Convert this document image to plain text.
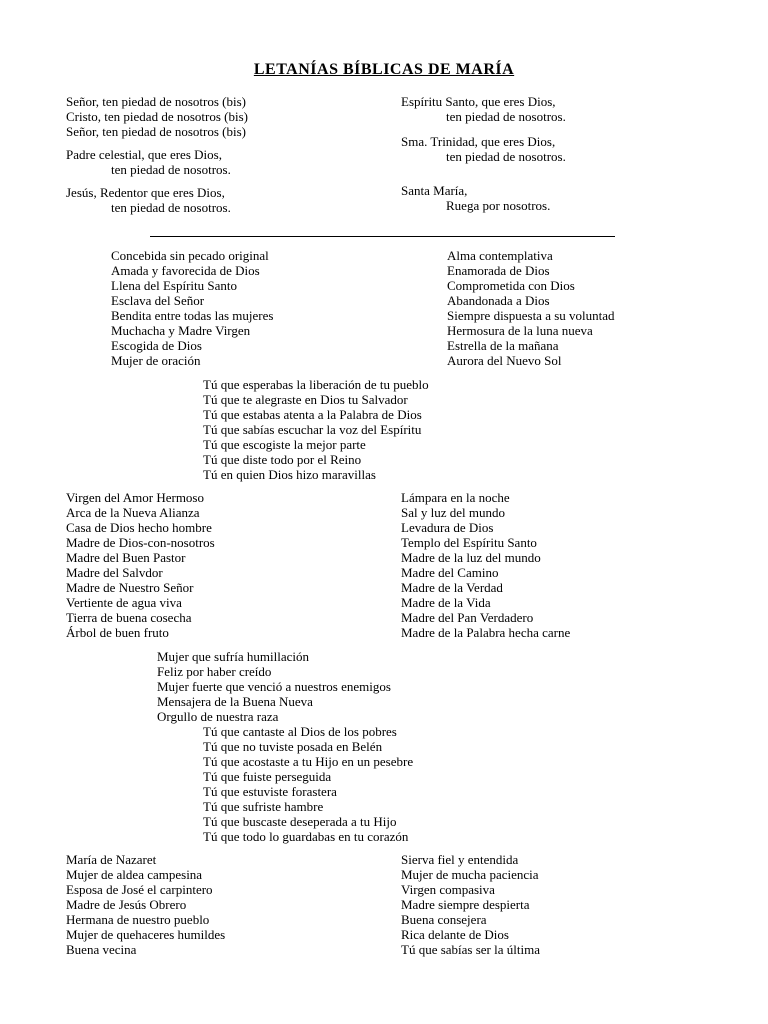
LETANÍAS BÍBLICAS DE MARÍA
Señor, ten piedad de nosotros (bis)
Cristo, ten piedad de nosotros (bis)
Señor, ten piedad de nosotros (bis)
Padre celestial, que eres Dios,
ten piedad de nosotros.
Jesús, Redentor que eres Dios,
ten piedad de nosotros.
Espíritu Santo, que eres Dios,
ten piedad de nosotros.
Sma. Trinidad, que eres Dios,
ten piedad de nosotros.
Santa María,
Ruega por nosotros.
Concebida sin pecado original
Amada y favorecida de Dios
Llena del Espíritu Santo
Esclava del Señor
Bendita entre todas las mujeres
Muchacha y Madre Virgen
Escogida de Dios
Mujer de oración
Alma contemplativa
Enamorada de Dios
Comprometida con Dios
Abandonada a Dios
Siempre dispuesta a su voluntad
Hermosura de la luna nueva
Estrella de la mañana
Aurora del Nuevo Sol
Tú que esperabas la liberación de tu pueblo
Tú que te alegraste en Dios tu Salvador
Tú que estabas atenta a la Palabra de Dios
Tú que sabías escuchar la voz del Espíritu
Tú que escogiste la mejor parte
Tú que diste todo por el Reino
Tú en quien Dios hizo maravillas
Virgen del Amor Hermoso
Arca de la Nueva Alianza
Casa de Dios hecho hombre
Madre de Dios-con-nosotros
Madre del Buen Pastor
Madre del Salvdor
Madre de Nuestro Señor
Vertiente de agua viva
Tierra de buena cosecha
Árbol de buen fruto
Lámpara en la noche
Sal y luz del mundo
Levadura de Dios
Templo del Espíritu Santo
Madre de la luz del mundo
Madre del Camino
Madre de la Verdad
Madre de la Vida
Madre del Pan Verdadero
Madre de la Palabra hecha carne
Mujer que sufría humillación
Feliz por haber creído
Mujer fuerte que venció a nuestros enemigos
Mensajera de la Buena Nueva
Orgullo de nuestra raza
Tú que cantaste al Dios de los pobres
Tú que no tuviste posada en Belén
Tú que acostaste a tu Hijo en un pesebre
Tú que fuiste perseguida
Tú que estuviste forastera
Tú que sufriste hambre
Tú que buscaste deseperada a tu Hijo
Tú que todo lo guardabas en tu corazón
María de Nazaret
Mujer de aldea campesina
Esposa de José el carpintero
Madre de Jesús Obrero
Hermana de nuestro pueblo
Mujer de quehaceres humildes
Buena vecina
Sierva fiel y entendida
Mujer de mucha paciencia
Virgen compasiva
Madre siempre despierta
Buena consejera
Rica delante de Dios
Tú que sabías ser la última
